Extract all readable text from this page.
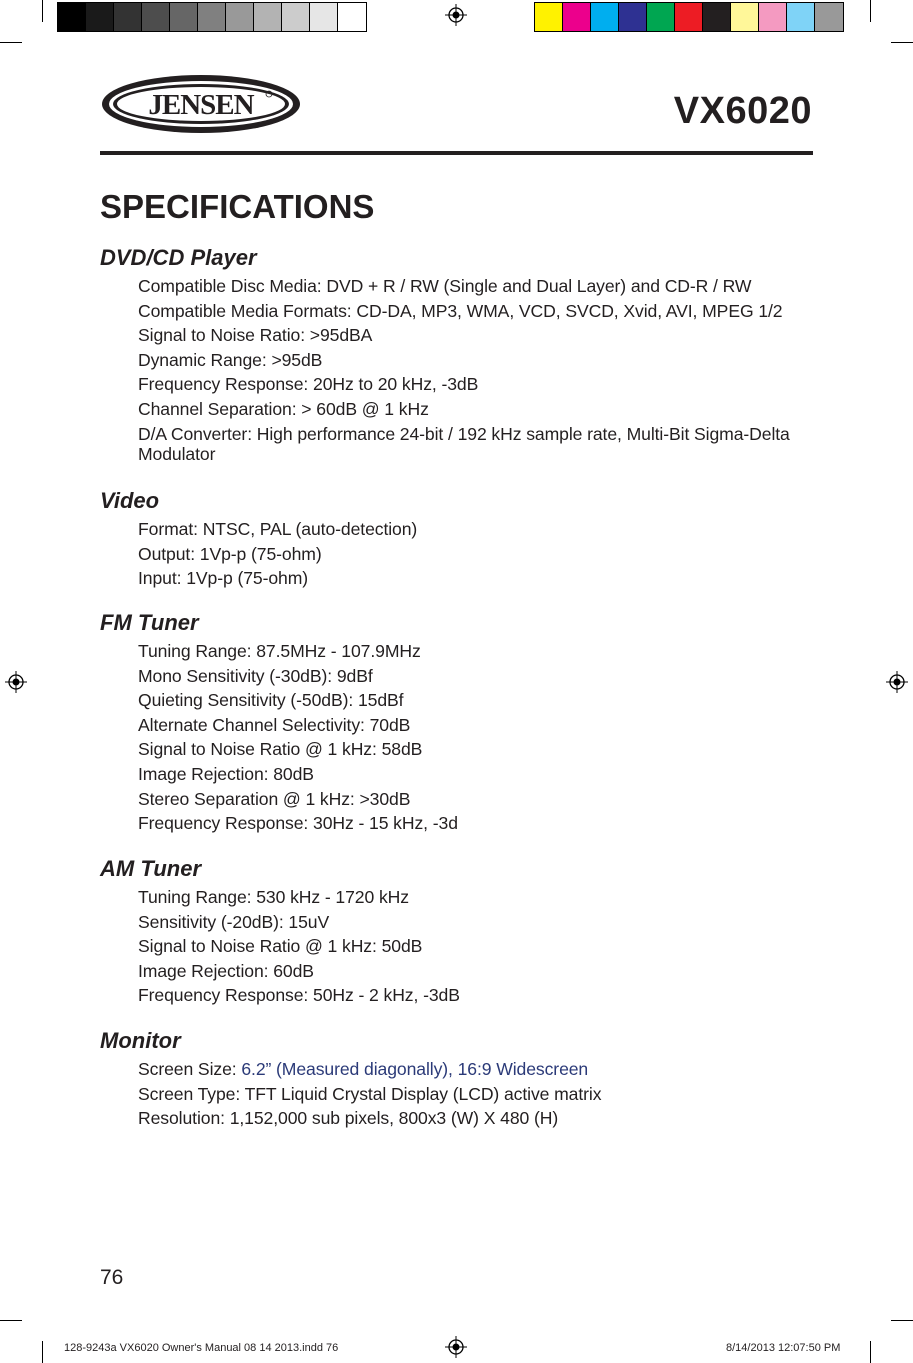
JENSEN	VX6020
SPECIFICATIONS
DVD/CD Player
Compatible Disc Media: DVD + R / RW (Single and Dual Layer) and CD-R / RW
Compatible Media Formats: CD-DA, MP3, WMA, VCD, SVCD, Xvid, AVI, MPEG 1/2
Signal to Noise Ratio: >95dBA
Dynamic Range: >95dB
Frequency Response: 20Hz to 20 kHz, -3dB
Channel Separation: > 60dB @ 1 kHz
D/A Converter: High performance 24-bit / 192 kHz sample rate, Multi-Bit Sigma-Delta Modulator
Video
Format: NTSC, PAL (auto-detection)
Output: 1Vp-p (75-ohm)
Input: 1Vp-p (75-ohm)
FM Tuner
Tuning Range: 87.5MHz - 107.9MHz
Mono Sensitivity (-30dB): 9dBf
Quieting Sensitivity (-50dB): 15dBf
Alternate Channel Selectivity: 70dB
Signal to Noise Ratio @ 1 kHz: 58dB
Image Rejection: 80dB
Stereo Separation @ 1 kHz: >30dB
Frequency Response: 30Hz - 15 kHz, -3d
AM Tuner
Tuning Range: 530 kHz - 1720 kHz
Sensitivity (-20dB): 15uV
Signal to Noise Ratio @ 1 kHz: 50dB
Image Rejection: 60dB
Frequency Response: 50Hz - 2 kHz, -3dB
Monitor
Screen Size: 6.2” (Measured diagonally), 16:9 Widescreen
Screen Type: TFT Liquid Crystal Display (LCD) active matrix
Resolution: 1,152,000 sub pixels, 800x3 (W) X 480 (H)
76
128-9243a VX6020 Owner's Manual 08 14 2013.indd 76	8/14/2013 12:07:50 PM
